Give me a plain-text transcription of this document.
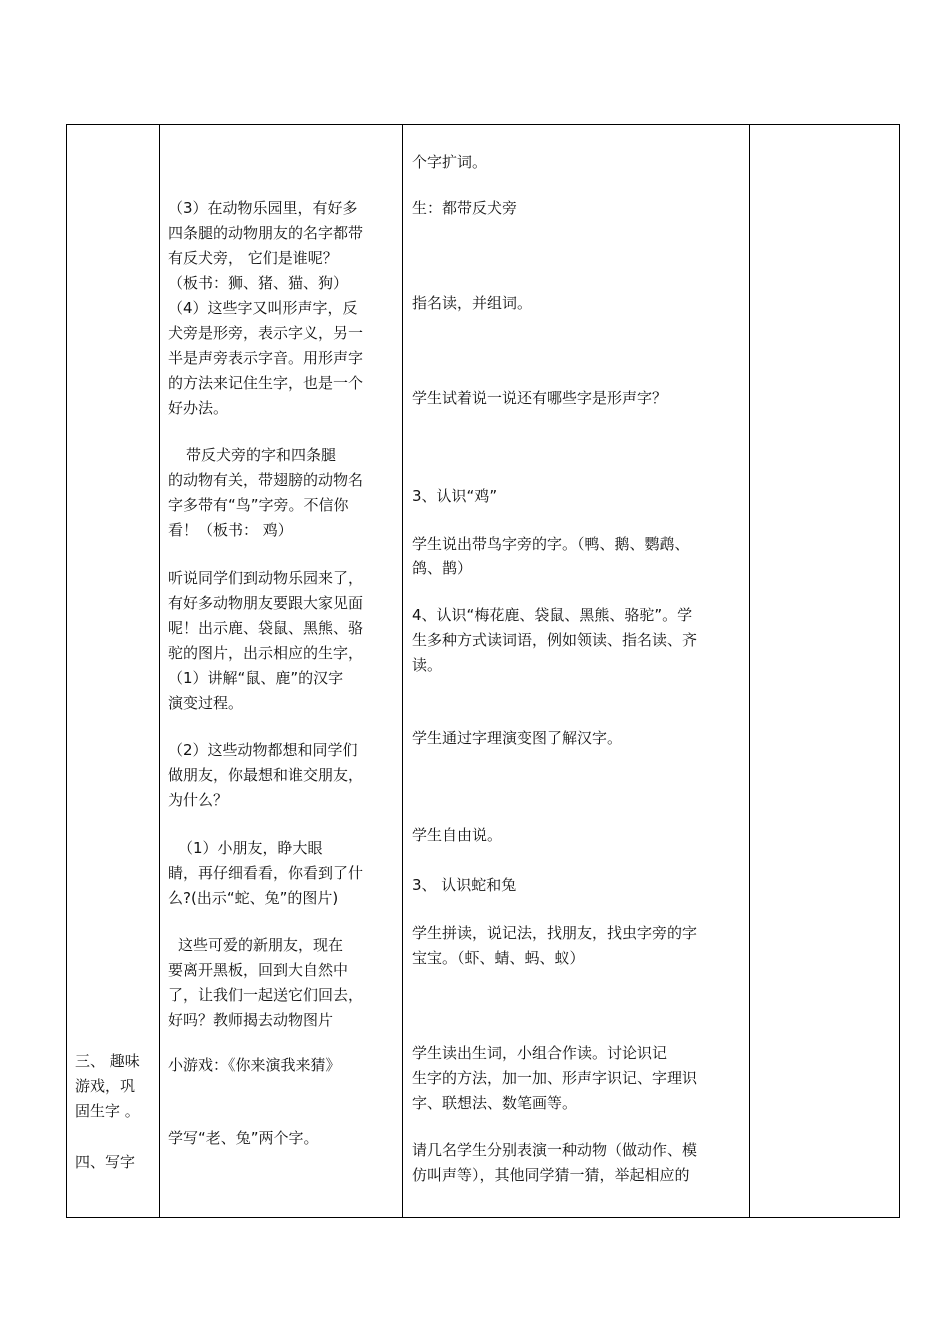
三、 趣味
游戏，巩
固生字 。
四、写字
（3）在动物乐园里，有好多
四条腿的动物朋友的名字都带
有反犬旁， 它们是谁呢？
（板书：狮、猪、猫、狗）
（4）这些字又叫形声字，反
犬旁是形旁，表示字义，另一
半是声旁表示字音。用形声字
的方法来记住生字，也是一个
好办法。
带反犬旁的字和四条腿
的动物有关，带翅膀的动物名
字多带有“鸟”字旁。不信你
看！（板书： 鸡）
听说同学们到动物乐园来了，
有好多动物朋友要跟大家见面
呢！出示鹿、袋鼠、黑熊、骆
驼的图片，出示相应的生字，
（1）讲解“鼠、鹿”的汉字
演变过程。
（2）这些动物都想和同学们
做朋友，你最想和谁交朋友，
为什么？
（1）小朋友，睁大眼
睛，再仔细看看，你看到了什
么?(出示“蛇、兔”的图片)
这些可爱的新朋友，现在
要离开黑板，回到大自然中
了，让我们一起送它们回去，
好吗？教师揭去动物图片
小游戏：《你来演我来猜》
学写“老、兔”两个字。
个字扩词。
生：都带反犬旁
指名读，并组词。
学生试着说一说还有哪些字是形声字？
3、认识“鸡”
学生说出带鸟字旁的字。（鸭、鹅、鹦鹉、
鸽、鹊）
4、认识“梅花鹿、袋鼠、黑熊、骆驼”。学
生多种方式读词语，例如领读、指名读、齐
读。
学生通过字理演变图了解汉字。
学生自由说。
3、 认识蛇和兔
学生拼读，说记法，找朋友，找虫字旁的字
宝宝。（虾、蜻、蚂、蚁）
学生读出生词，小组合作读。讨论识记
生字的方法，加一加、形声字识记、字理识
字、联想法、数笔画等。
请几名学生分别表演一种动物（做动作、模
仿叫声等），其他同学猜一猜，举起相应的
